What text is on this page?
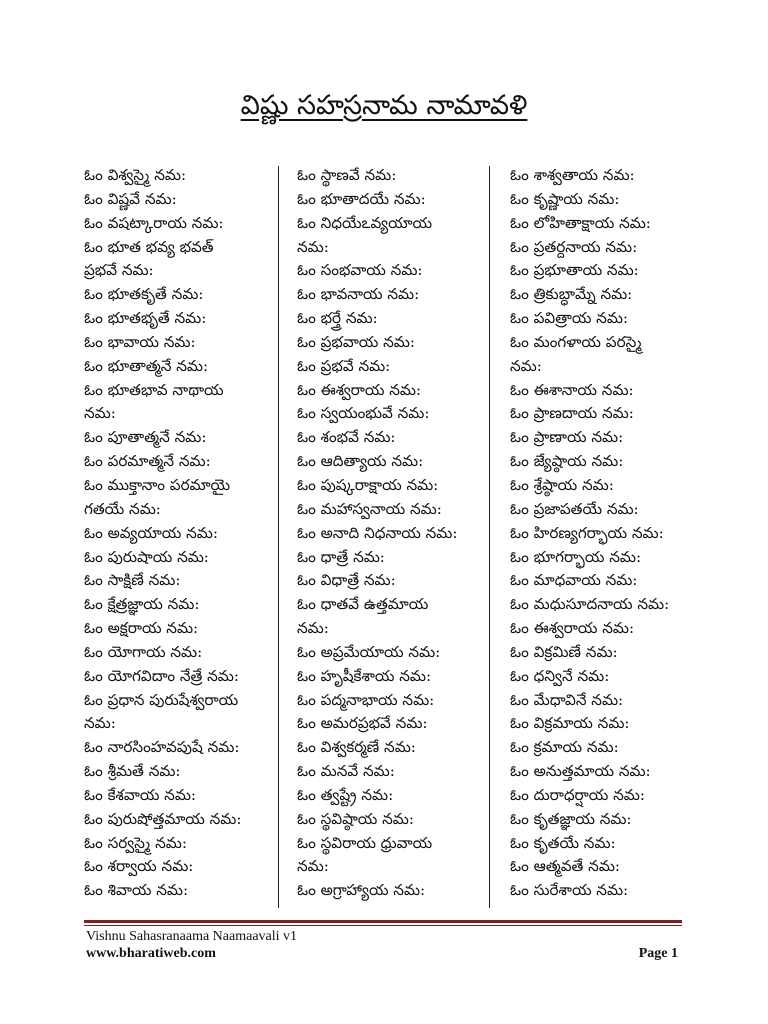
విష్ణు సహస్రనామ నామావళి
ఓం విశ్వస్మై నమ:
ఓం విష్ణవే నమ:
ఓం వషట్కారాయ నమ:
ఓం భూత భవ్య భవత్
ప్రభవే నమ:
ఓం భూతకృతే నమ:
ఓం భూతభృతే నమ:
ఓం భావాయ నమ:
ఓం భూతాత్మనే నమ:
ఓం భూతభావ నాథాయ
నమ:
ఓం పూతాత్మనే నమ:
ఓం పరమాత్మనే నమ:
ఓం ముక్తానాం పరమాయై
గతయే నమ:
ఓం అవ్యయాయ నమ:
ఓం పురుషాయ నమ:
ఓం సాక్షిణే నమ:
ఓం క్షేత్రజ్ఞాయ నమ:
ఓం అక్షరాయ నమ:
ఓం యోగాయ నమ:
ఓం యోగవిదాం నేత్రే నమ:
ఓం ప్రధాన పురుషేశ్వరాయ
నమ:
ఓం నారసింహవపుషే నమ:
ఓం శ్రీమతే నమ:
ఓం కేశవాయ నమ:
ఓం పురుషోత్తమాయ నమ:
ఓం సర్వస్మై నమ:
ఓం శర్వాయ నమ:
ఓం శివాయ నమ:
ఓం స్థాణవే నమ:
ఓం భూతాదయే నమ:
ఓం నిధయేఽవ్యయాయ
నమ:
ఓం సంభవాయ నమ:
ఓం భావనాయ నమ:
ఓం భర్త్రే నమ:
ఓం ప్రభవాయ నమ:
ఓం ప్రభవే నమ:
ఓం ఈశ్వరాయ నమ:
ఓం స్వయంభువే నమ:
ఓం శంభవే నమ:
ఓం ఆదిత్యాయ నమ:
ఓం పుష్కరాక్షాయ నమ:
ఓం మహాస్వనాయ నమ:
ఓం అనాది నిధనాయ నమ:
ఓం ధాత్రే నమ:
ఓం విధాత్రే నమ:
ఓం ధాతవే ఉత్తమాయ
నమ:
ఓం అప్రమేయాయ నమ:
ఓం హృషీకేశాయ నమ:
ఓం పద్మనాభాయ నమ:
ఓం అమరప్రభవే నమ:
ఓం విశ్వకర్మణే నమ:
ఓం మనవే నమ:
ఓం త్వష్ట్రే నమ:
ఓం స్థవిష్ఠాయ నమ:
ఓం స్థవిరాయ ధ్రువాయ
నమ:
ఓం అగ్రాహ్యాయ నమ:
ఓం శాశ్వతాయ నమ:
ఓం కృష్ణాయ నమ:
ఓం లోహితాక్షాయ నమ:
ఓం ప్రతర్దనాయ నమ:
ఓం ప్రభూతాయ నమ:
ఓం త్రికుబ్ధామ్నే నమ:
ఓం పవిత్రాయ నమ:
ఓం మంగళాయ పరస్మై
నమ:
ఓం ఈశానాయ నమ:
ఓం ప్రాణదాయ నమ:
ఓం ప్రాణాయ నమ:
ఓం జ్యేష్ఠాయ నమ:
ఓం శ్రేష్ఠాయ నమ:
ఓం ప్రజాపతయే నమ:
ఓం హిరణ్యగర్భాయ నమ:
ఓం భూగర్భాయ నమ:
ఓం మాధవాయ నమ:
ఓం మధుసూదనాయ నమ:
ఓం ఈశ్వరాయ నమ:
ఓం విక్రమిణే నమ:
ఓం ధన్వినే నమ:
ఓం మేధావినే నమ:
ఓం విక్రమాయ నమ:
ఓం క్రమాయ నమ:
ఓం అనుత్తమాయ నమ:
ఓం దురాధర్షాయ నమ:
ఓం కృతజ్ఞాయ నమ:
ఓం కృతయే నమ:
ఓం ఆత్మవతే నమ:
ఓం సురేశాయ నమ:
Vishnu Sahasranaama Naamaavali v1
www.bharatiweb.com	Page 1
